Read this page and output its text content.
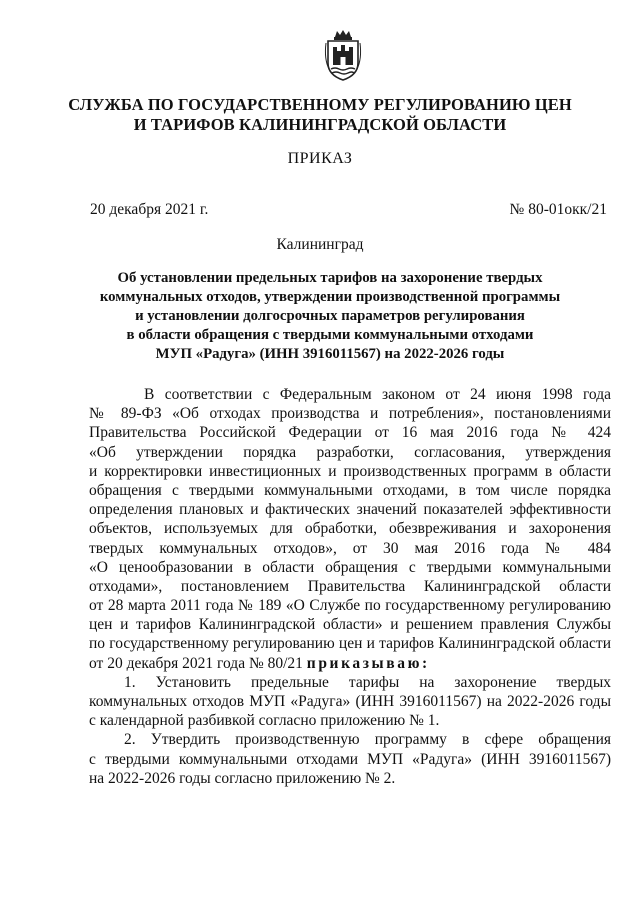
СЛУЖБА ПО ГОСУДАРСТВЕННОМУ РЕГУЛИРОВАНИЮ ЦЕН
И ТАРИФОВ КАЛИНИНГРАДСКОЙ ОБЛАСТИ
ПРИКАЗ
20 декабря 2021 г.	№ 80-01окк/21
Калининград
Об установлении предельных тарифов на захоронение твердых
коммунальных отходов, утверждении производственной программы
и установлении долгосрочных параметров регулирования
в области обращения с твердыми коммунальными отходами
МУП «Радуга» (ИНН 3916011567) на 2022-2026 годы
В соответствии с Федеральным законом от 24 июня 1998 года
№ 89-ФЗ «Об отходах производства и потребления», постановлениями
Правительства Российской Федерации от 16 мая 2016 года № 424
«Об утверждении порядка разработки, согласования, утверждения
и корректировки инвестиционных и производственных программ в области
обращения с твердыми коммунальными отходами, в том числе порядка
определения плановых и фактических значений показателей эффективности
объектов, используемых для обработки, обезвреживания и захоронения
твердых коммунальных отходов», от 30 мая 2016 года № 484
«О ценообразовании в области обращения с твердыми коммунальными
отходами», постановлением Правительства Калининградской области
от 28 марта 2011 года № 189 «О Службе по государственному регулированию
цен и тарифов Калининградской области» и решением правления Службы
по государственному регулированию цен и тарифов Калининградской области
от 20 декабря 2021 года № 80/21 приказываю:
1. Установить предельные тарифы на захоронение твердых
коммунальных отходов МУП «Радуга» (ИНН 3916011567) на 2022-2026 годы
с календарной разбивкой согласно приложению № 1.
2. Утвердить производственную программу в сфере обращения
с твердыми коммунальными отходами МУП «Радуга» (ИНН 3916011567)
на 2022-2026 годы согласно приложению № 2.
